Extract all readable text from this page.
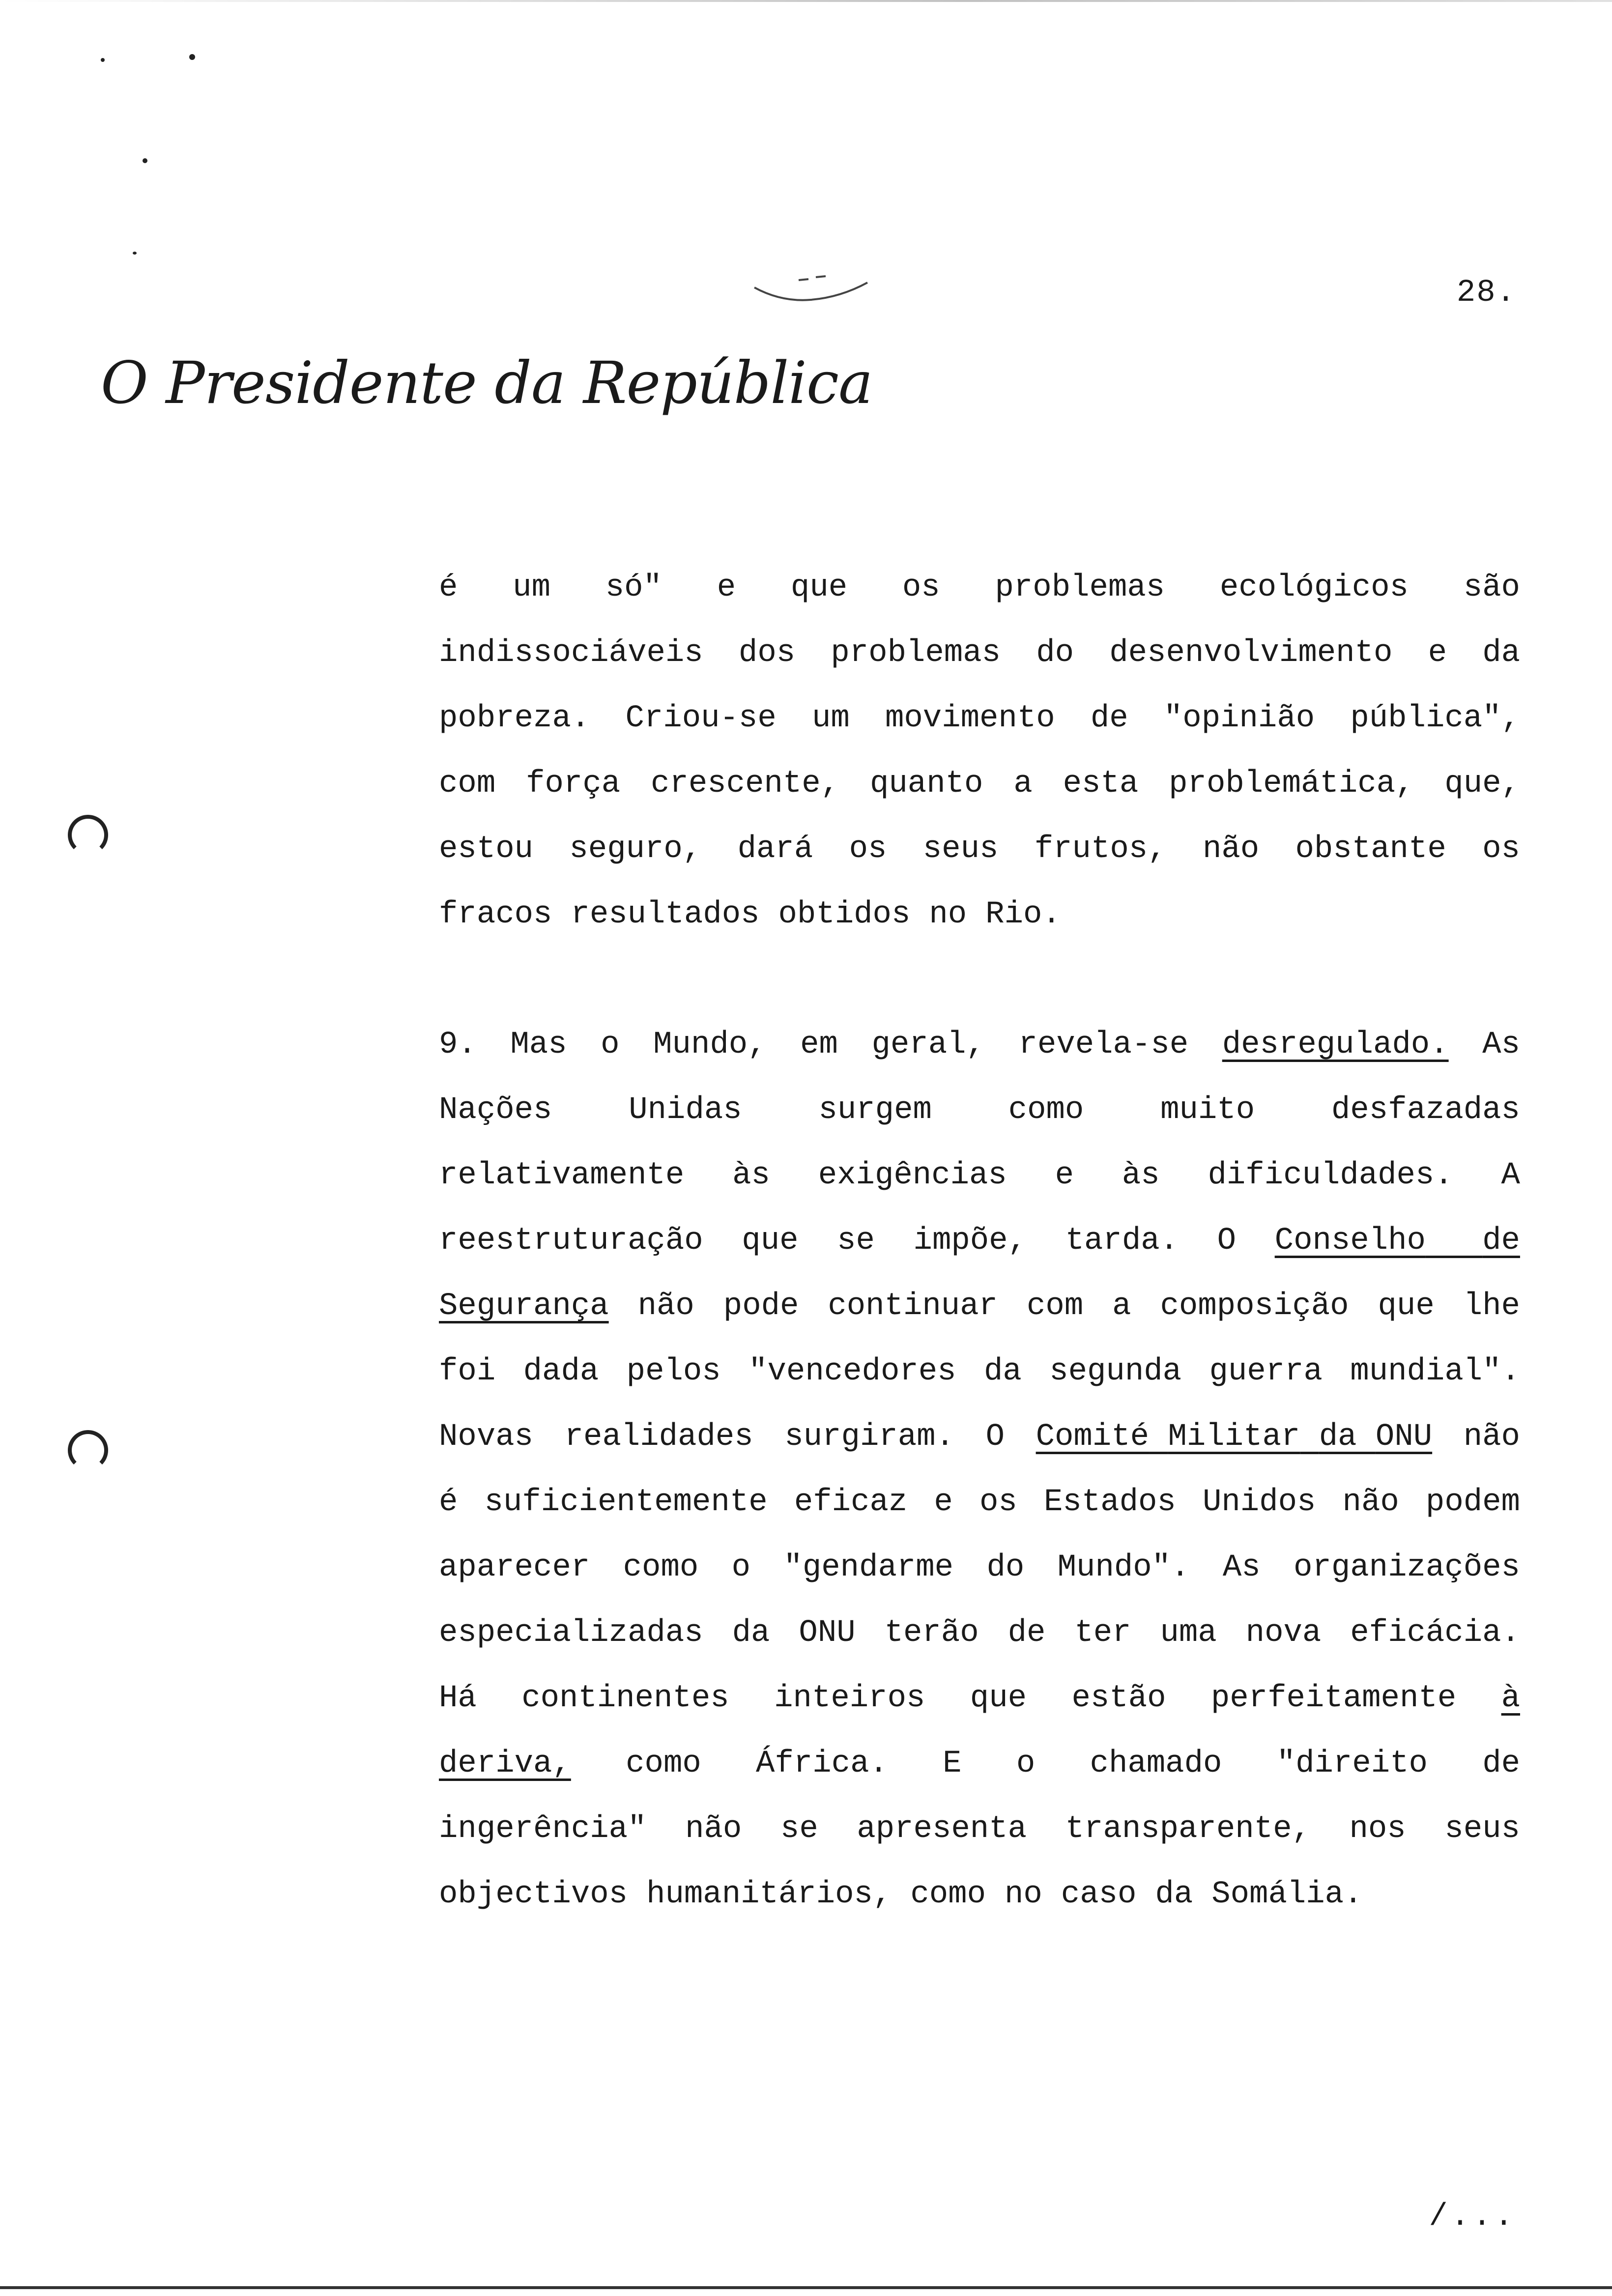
28.
O Presidente da República
é um só" e que os problemas ecológicos são
indissociáveis dos problemas do desenvolvimento e da
pobreza. Criou-se um movimento de "opinião pública",
com força crescente, quanto a esta problemática, que,
estou seguro, dará os seus frutos, não obstante os
fracos resultados obtidos no Rio.
9. Mas o Mundo, em geral, revela-se desregulado. As
Nações Unidas surgem como muito desfazadas
relativamente às exigências e às dificuldades. A
reestruturação que se impõe, tarda. O Conselho de
Segurança não pode continuar com a composição que lhe
foi dada pelos "vencedores da segunda guerra mundial".
Novas realidades surgiram. O Comité Militar da ONU não
é suficientemente eficaz e os Estados Unidos não podem
aparecer como o "gendarme do Mundo". As organizações
especializadas da ONU terão de ter uma nova eficácia.
Há continentes inteiros que estão perfeitamente à
deriva, como África. E o chamado "direito de
ingerência" não se apresenta transparente, nos seus
objectivos humanitários, como no caso da Somália.
/...
